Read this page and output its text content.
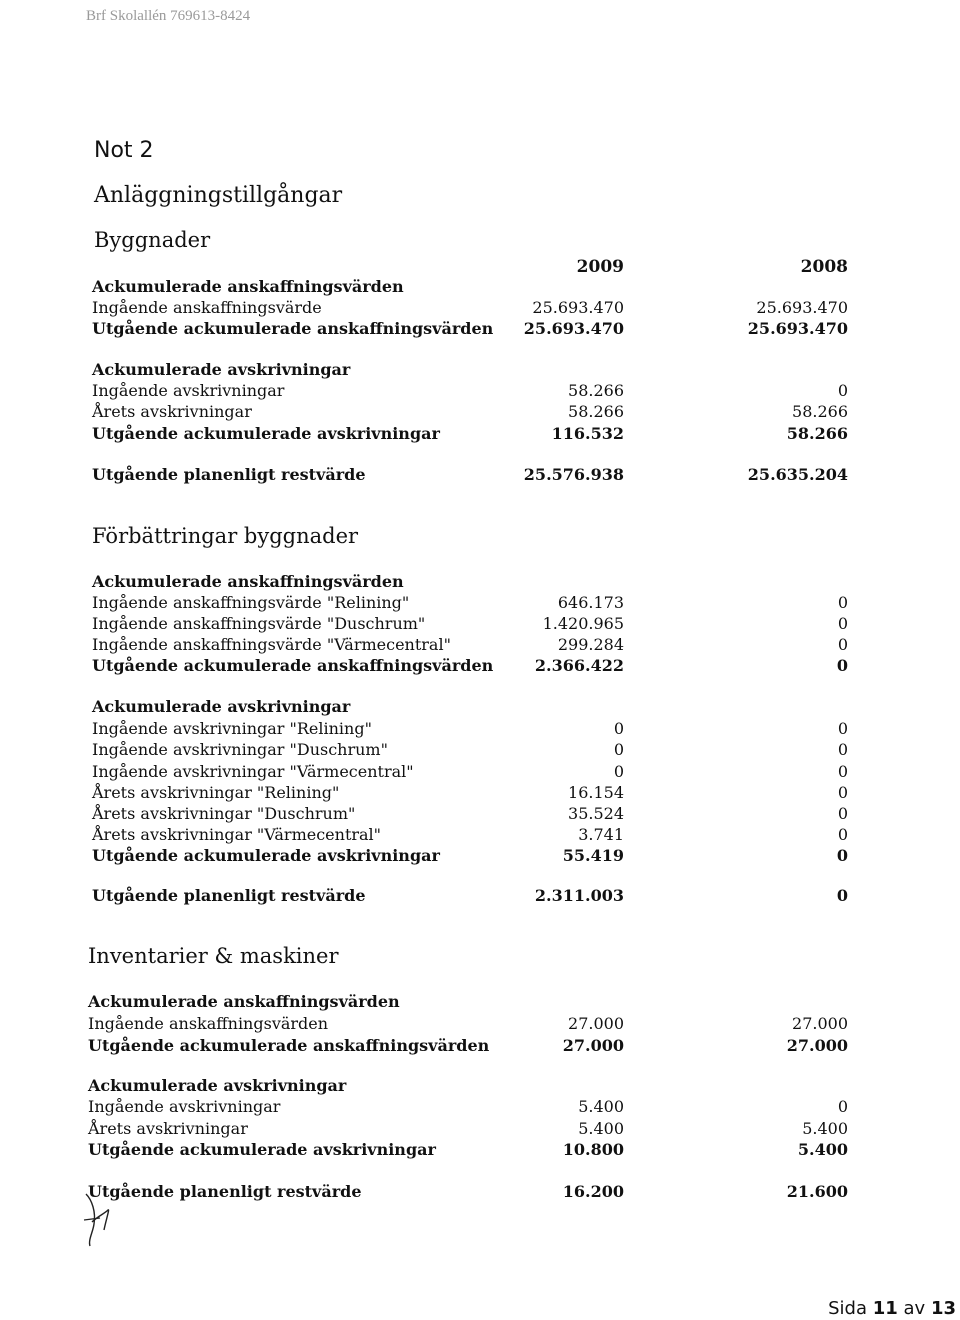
Brf Skolallén 769613-8424
Not 2
Anläggningstillgångar
Byggnader
2009	2008
Ackumulerade anskaffningsvärden
Ingående anskaffningsvärde	25.693.470	25.693.470
Utgående ackumulerade anskaffningsvärden 25.693.470	25.693.470
Ackumulerade avskrivningar
Ingående avskrivningar	58.266	0
Årets avskrivningar	58.266	58.266
Utgående ackumulerade avskrivningar	116.532	58.266
Utgående planenligt restvärde	25.576.938	25.635.204
Förbättringar byggnader
Ackumulerade anskaffningsvärden
Ingående anskaffningsvärde "Relining"	646.173	0
Ingående anskaffningsvärde "Duschrum"	1.420.965	0
Ingående anskaffningsvärde "Värmecentral"	299.284	0
Utgående ackumulerade anskaffningsvärden	2.366.422	0
Ackumulerade avskrivningar
Ingående avskrivningar "Relining"	0	0
Ingående avskrivningar "Duschrum"	0	0
Ingående avskrivningar "Värmecentral"	0	0
Årets avskrivningar "Relining"	16.154	0
Årets avskrivningar "Duschrum"	35.524	0
Årets avskrivningar "Värmecentral"	3.741	0
Utgående ackumulerade avskrivningar	55.419	0
Utgående planenligt restvärde	2.311.003	0
Inventarier & maskiner
Ackumulerade anskaffningsvärden
Ingående anskaffningsvärden	27.000	27.000
Utgående ackumulerade anskaffningsvärden	27.000	27.000
Ackumulerade avskrivningar
Ingående avskrivningar	5.400	0
Årets avskrivningar	5.400	5.400
Utgående ackumulerade avskrivningar	10.800	5.400
Utgående planenligt restvärde	16.200	21.600
Sida 11 av 13
